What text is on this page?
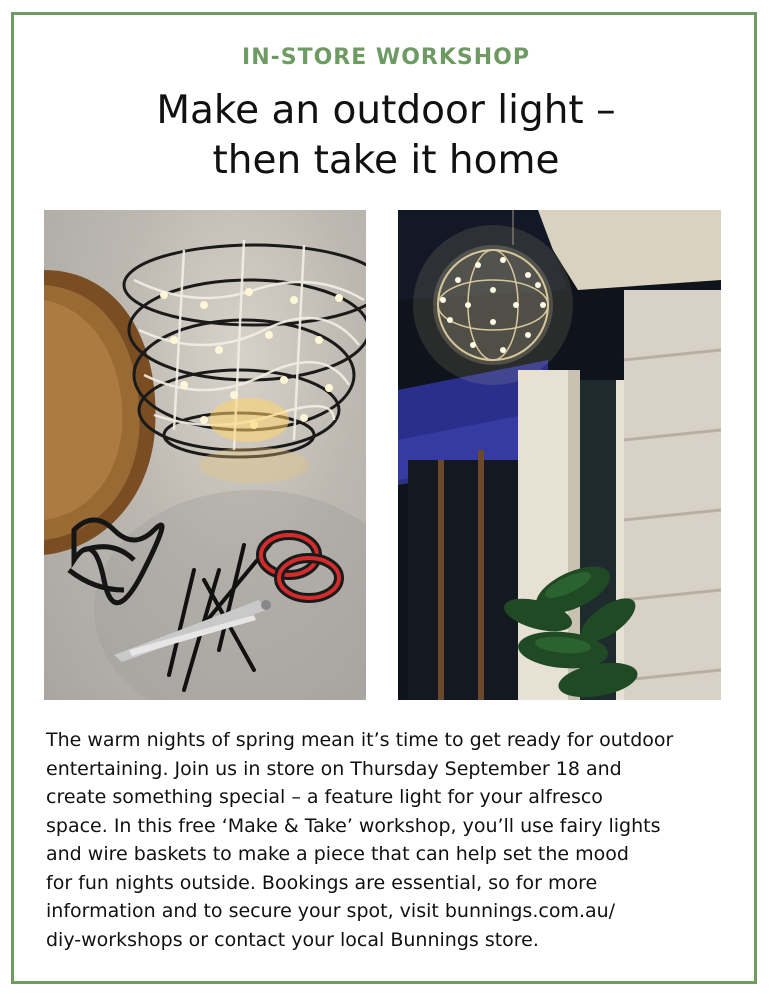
IN-STORE WORKSHOP
Make an outdoor light –
then take it home
The warm nights of spring mean it’s time to get ready for outdoor
entertaining. Join us in store on Thursday September 18 and
create something special – a feature light for your alfresco
space. In this free ‘Make & Take’ workshop, you’ll use fairy lights
and wire baskets to make a piece that can help set the mood
for fun nights outside. Bookings are essential, so for more
information and to secure your spot, visit bunnings.com.au/
diy-workshops or contact your local Bunnings store.
